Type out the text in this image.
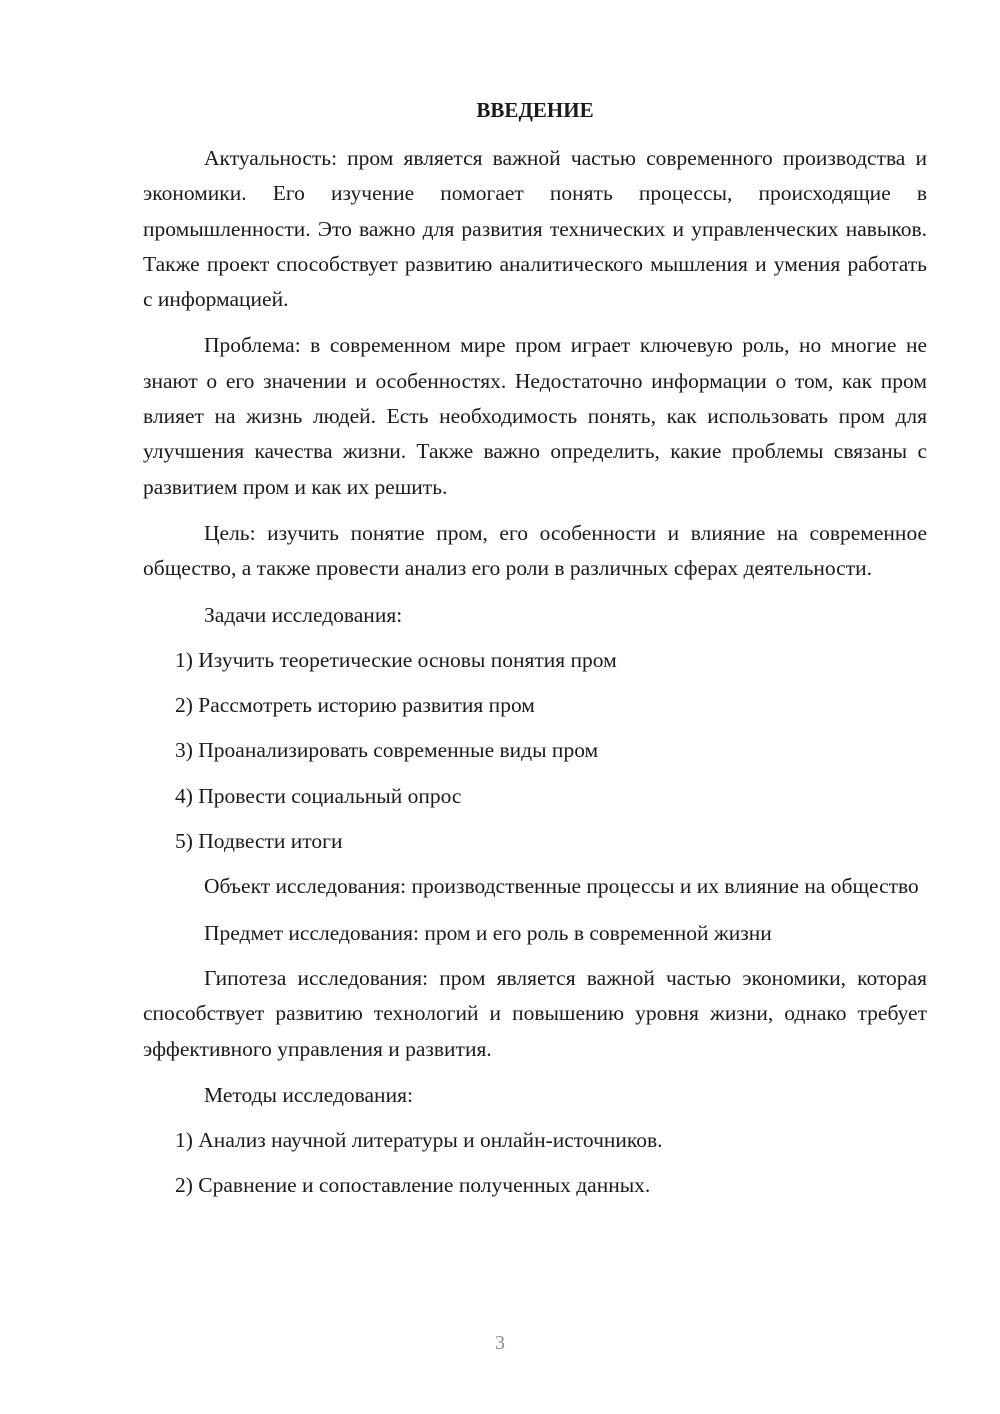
ВВЕДЕНИЕ

Актуальность: пром является важной частью современного производства и экономики. Его изучение помогает понять процессы, происходящие в промышленности. Это важно для развития технических и управленческих навыков. Также проект способствует развитию аналитического мышления и умения работать с информацией.

Проблема: в современном мире пром играет ключевую роль, но многие не знают о его значении и особенностях. Недостаточно информации о том, как пром влияет на жизнь людей. Есть необходимость понять, как использовать пром для улучшения качества жизни. Также важно определить, какие проблемы связаны с развитием пром и как их решить.

Цель: изучить понятие пром, его особенности и влияние на современное общество, а также провести анализ его роли в различных сферах деятельности.

Задачи исследования:

1) Изучить теоретические основы понятия пром

2) Рассмотреть историю развития пром

3) Проанализировать современные виды пром

4) Провести социальный опрос

5) Подвести итоги

Объект исследования: производственные процессы и их влияние на общество

Предмет исследования: пром и его роль в современной жизни

Гипотеза исследования: пром является важной частью экономики, которая способствует развитию технологий и повышению уровня жизни, однако требует эффективного управления и развития.

Методы исследования:

1) Анализ научной литературы и онлайн-источников.

2) Сравнение и сопоставление полученных данных.

3
